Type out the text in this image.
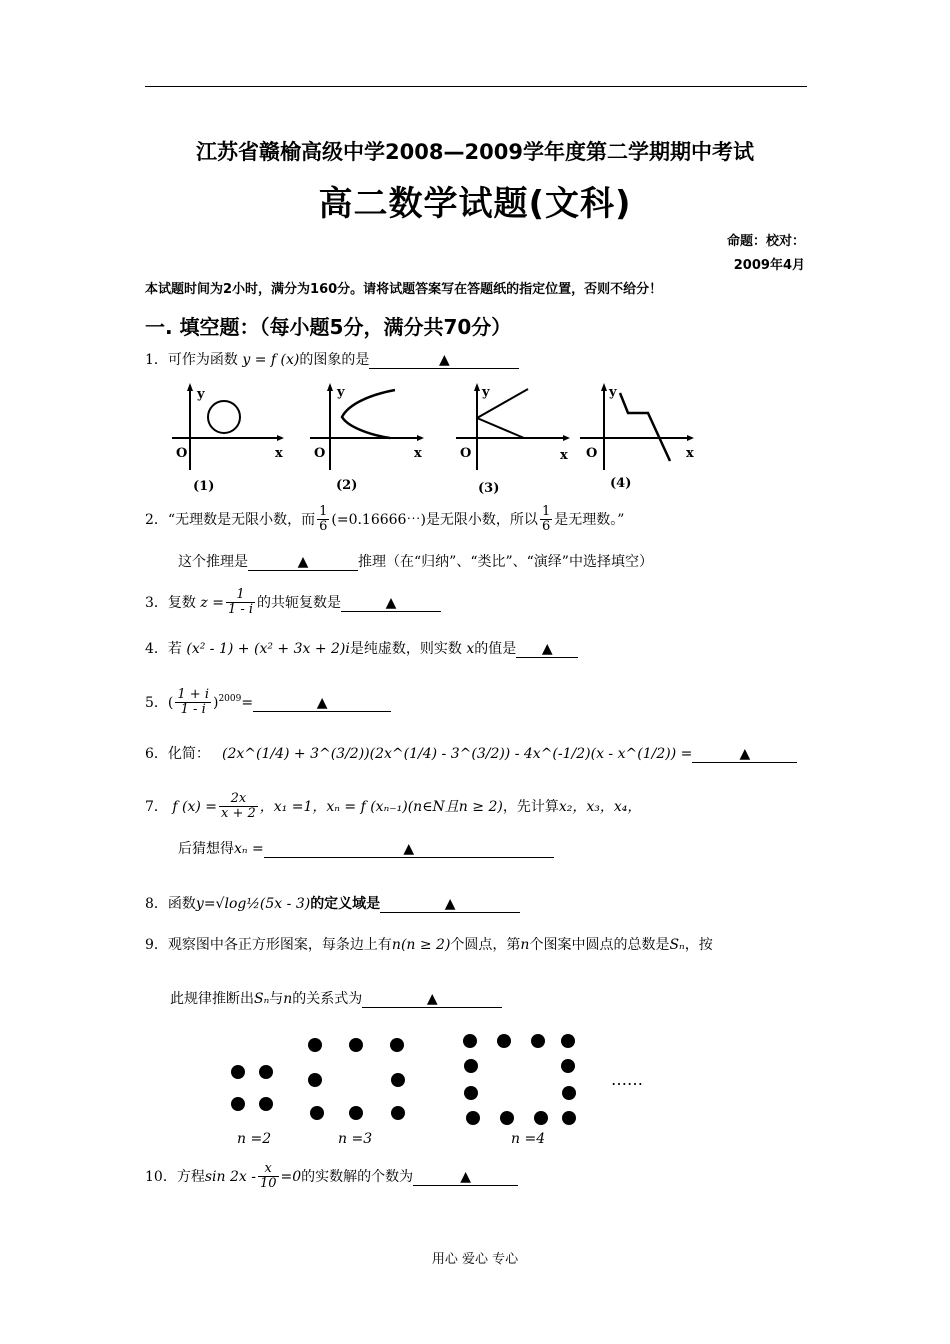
江苏省赣榆高级中学2008—2009学年度第二学期期中考试
高二数学试题(文科)
命题：校对：
2009年4月
本试题时间为2小时，满分为160分。请将试题答案写在答题纸的指定位置，否则不给分！
一. 填空题：（每小题5分，满分共70分）
1．可作为函数 y = f (x)的图象的是	▲
y
x
O
y
x
O
y
x
O
y
x
O
(1)	(2)	(3)	(4)
2．“无理数是无限小数，而 $\frac{1}{6}$ (=0.16666⋯)是无限小数，所以 $\frac{1}{6}$ 是无理数。”
这个推理是	▲	推理（在“归纳”、“类比”、“演绎”中选择填空）
3．复数 $z = \frac{1}{1 - i}$ 的共轭复数是	▲
4．若 (x² - 1) + (x² + 3x + 2)i是纯虚数，则实数 x的值是 ▲
5．( $\frac{1 + i}{1 - i} )^{2009}=$	▲
6．化简： (2x^(1/4) + 3^(3/2))(2x^(1/4) - 3^(3/2)) - 4x^(-1/2)(x - x^(1/2)) =	▲
7． f $(x) = \frac{2x}{x + 2}$ ，x₁ =1，xₙ = f (xₙ₋₁)(n∈N且n ≥ 2)，先计算x₂，x₃，x₄，
后猜想得xₙ =	▲
8．函数y=√log½(5x - 3)的定义域是	▲
9．观察图中各正方形图案，每条边上有n(n ≥ 2)个圆点，第n个图案中圆点的总数是Sₙ，按
此规律推断出Sₙ与n的关系式为	▲
……
n =2	n =3	n =4
10．方程$\sin 2x - \frac{x}{10} =0$的实数解的个数为	▲
用心 爱心 专心
